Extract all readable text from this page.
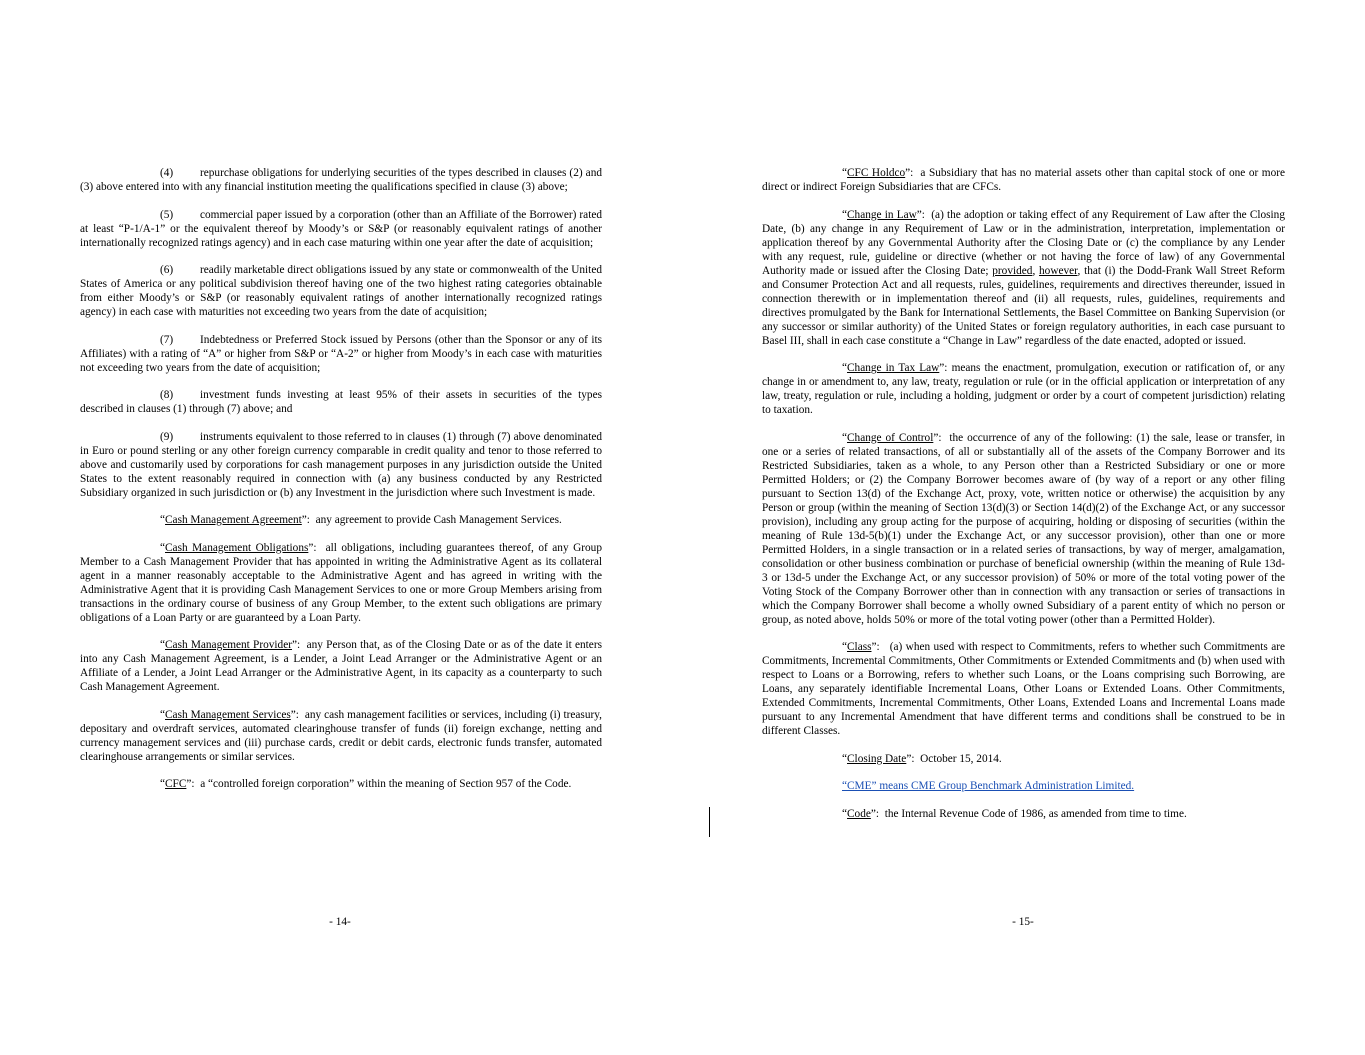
(4) repurchase obligations for underlying securities of the types described in clauses (2) and (3) above entered into with any financial institution meeting the qualifications specified in clause (3) above;

(5) commercial paper issued by a corporation (other than an Affiliate of the Borrower) rated at least “P-1/A-1” or the equivalent thereof by Moody’s or S&P (or reasonably equivalent ratings of another internationally recognized ratings agency) and in each case maturing within one year after the date of acquisition;

(6) readily marketable direct obligations issued by any state or commonwealth of the United States of America or any political subdivision thereof having one of the two highest rating categories obtainable from either Moody’s or S&P (or reasonably equivalent ratings of another internationally recognized ratings agency) in each case with maturities not exceeding two years from the date of acquisition;

(7) Indebtedness or Preferred Stock issued by Persons (other than the Sponsor or any of its Affiliates) with a rating of “A” or higher from S&P or “A-2” or higher from Moody’s in each case with maturities not exceeding two years from the date of acquisition;

(8) investment funds investing at least 95% of their assets in securities of the types described in clauses (1) through (7) above; and

(9) instruments equivalent to those referred to in clauses (1) through (7) above denominated in Euro or pound sterling or any other foreign currency comparable in credit quality and tenor to those referred to above and customarily used by corporations for cash management purposes in any jurisdiction outside the United States to the extent reasonably required in connection with (a) any business conducted by any Restricted Subsidiary organized in such jurisdiction or (b) any Investment in the jurisdiction where such Investment is made.

“Cash Management Agreement”:  any agreement to provide Cash Management Services.

“Cash Management Obligations”:  all obligations, including guarantees thereof, of any Group Member to a Cash Management Provider that has appointed in writing the Administrative Agent as its collateral agent in a manner reasonably acceptable to the Administrative Agent and has agreed in writing with the Administrative Agent that it is providing Cash Management Services to one or more Group Members arising from transactions in the ordinary course of business of any Group Member, to the extent such obligations are primary obligations of a Loan Party or are guaranteed by a Loan Party.

“Cash Management Provider”:  any Person that, as of the Closing Date or as of the date it enters into any Cash Management Agreement, is a Lender, a Joint Lead Arranger or the Administrative Agent or an Affiliate of a Lender, a Joint Lead Arranger or the Administrative Agent, in its capacity as a counterparty to such Cash Management Agreement.

“Cash Management Services”:  any cash management facilities or services, including (i) treasury, depositary and overdraft services, automated clearinghouse transfer of funds (ii) foreign exchange, netting and currency management services and (iii) purchase cards, credit or debit cards, electronic funds transfer, automated clearinghouse arrangements or similar services.

“CFC”:  a “controlled foreign corporation” within the meaning of Section 957 of the Code.

- 14-

“CFC Holdco”:  a Subsidiary that has no material assets other than capital stock of one or more direct or indirect Foreign Subsidiaries that are CFCs.

“Change in Law”:  (a) the adoption or taking effect of any Requirement of Law after the Closing Date, (b) any change in any Requirement of Law or in the administration, interpretation, implementation or application thereof by any Governmental Authority after the Closing Date or (c) the compliance by any Lender with any request, rule, guideline or directive (whether or not having the force of law) of any Governmental Authority made or issued after the Closing Date; provided, however, that (i) the Dodd-Frank Wall Street Reform and Consumer Protection Act and all requests, rules, guidelines, requirements and directives thereunder, issued in connection therewith or in implementation thereof and (ii) all requests, rules, guidelines, requirements and directives promulgated by the Bank for International Settlements, the Basel Committee on Banking Supervision (or any successor or similar authority) of the United States or foreign regulatory authorities, in each case pursuant to Basel III, shall in each case constitute a “Change in Law” regardless of the date enacted, adopted or issued.

“Change in Tax Law”: means the enactment, promulgation, execution or ratification of, or any change in or amendment to, any law, treaty, regulation or rule (or in the official application or interpretation of any law, treaty, regulation or rule, including a holding, judgment or order by a court of competent jurisdiction) relating to taxation.

“Change of Control”:  the occurrence of any of the following: (1) the sale, lease or transfer, in one or a series of related transactions, of all or substantially all of the assets of the Company Borrower and its Restricted Subsidiaries, taken as a whole, to any Person other than a Restricted Subsidiary or one or more Permitted Holders; or (2) the Company Borrower becomes aware of (by way of a report or any other filing pursuant to Section 13(d) of the Exchange Act, proxy, vote, written notice or otherwise) the acquisition by any Person or group (within the meaning of Section 13(d)(3) or Section 14(d)(2) of the Exchange Act, or any successor provision), including any group acting for the purpose of acquiring, holding or disposing of securities (within the meaning of Rule 13d-5(b)(1) under the Exchange Act, or any successor provision), other than one or more Permitted Holders, in a single transaction or in a related series of transactions, by way of merger, amalgamation, consolidation or other business combination or purchase of beneficial ownership (within the meaning of Rule 13d-3 or 13d-5 under the Exchange Act, or any successor provision) of 50% or more of the total voting power of the Voting Stock of the Company Borrower other than in connection with any transaction or series of transactions in which the Company Borrower shall become a wholly owned Subsidiary of a parent entity of which no person or group, as noted above, holds 50% or more of the total voting power (other than a Permitted Holder).

“Class”:   (a) when used with respect to Commitments, refers to whether such Commitments are Commitments, Incremental Commitments, Other Commitments or Extended Commitments and (b) when used with respect to Loans or a Borrowing, refers to whether such Loans, or the Loans comprising such Borrowing, are Loans, any separately identifiable Incremental Loans, Other Loans or Extended Loans. Other Commitments, Extended Commitments, Incremental Commitments, Other Loans, Extended Loans and Incremental Loans made pursuant to any Incremental Amendment that have different terms and conditions shall be construed to be in different Classes.

“Closing Date”:  October 15, 2014.

“CME” means CME Group Benchmark Administration Limited.

“Code”:  the Internal Revenue Code of 1986, as amended from time to time.

- 15-
